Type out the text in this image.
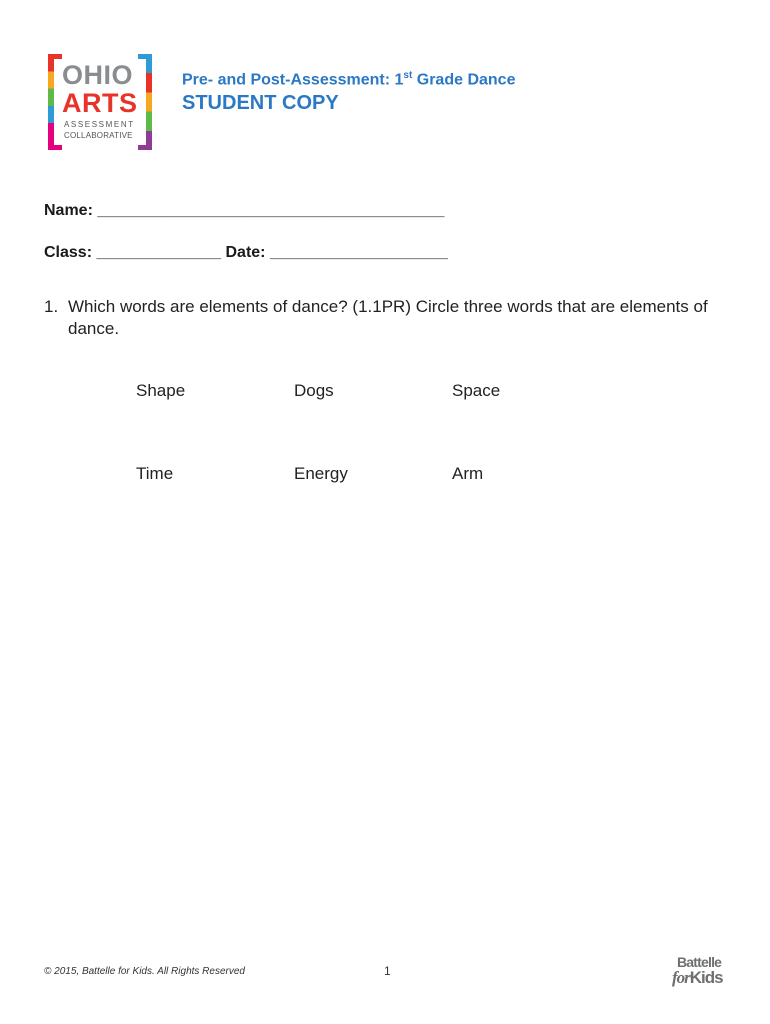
OHIO
ARTS
ASSESSMENT
COLLABORATIVE
Pre- and Post-Assessment: 1st Grade Dance
STUDENT COPY
Name: _______________________________________
Class: ______________ Date: ____________________
1. Which words are elements of dance? (1.1PR) Circle three words that are elements of dance.
Shape	Dogs	Space
Time	Energy	Arm
© 2015, Battelle for Kids. All Rights Reserved	1
Battelle
forKids
